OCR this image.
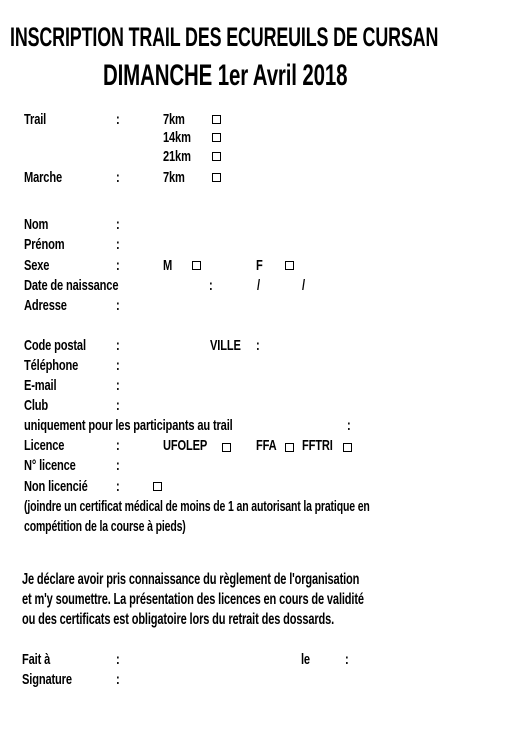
INSCRIPTION TRAIL DES ECUREUILS DE CURSAN
DIMANCHE 1er Avril 2018
Trail	:	7km
14km
21km
Marche	:	7km
Nom	:
Prénom	:
Sexe	:	M	F
Date de naissance	:	/	/
Adresse	:
Code postal :	VILLE :
Téléphone	:
E-mail	:
Club	:
uniquement pour les participants au trail	:
Licence	:	UFOLEP	FFA FFTRI
N° licence	:
Non licencié :
(joindre un certificat médical de moins de 1 an autorisant la pratique en
compétition de la course à pieds)
Je déclare avoir pris connaissance du règlement de l'organisation
et m'y soumettre. La présentation des licences en cours de validité
ou des certificats est obligatoire lors du retrait des dossards.
Fait à	:	le :
Signature	:
